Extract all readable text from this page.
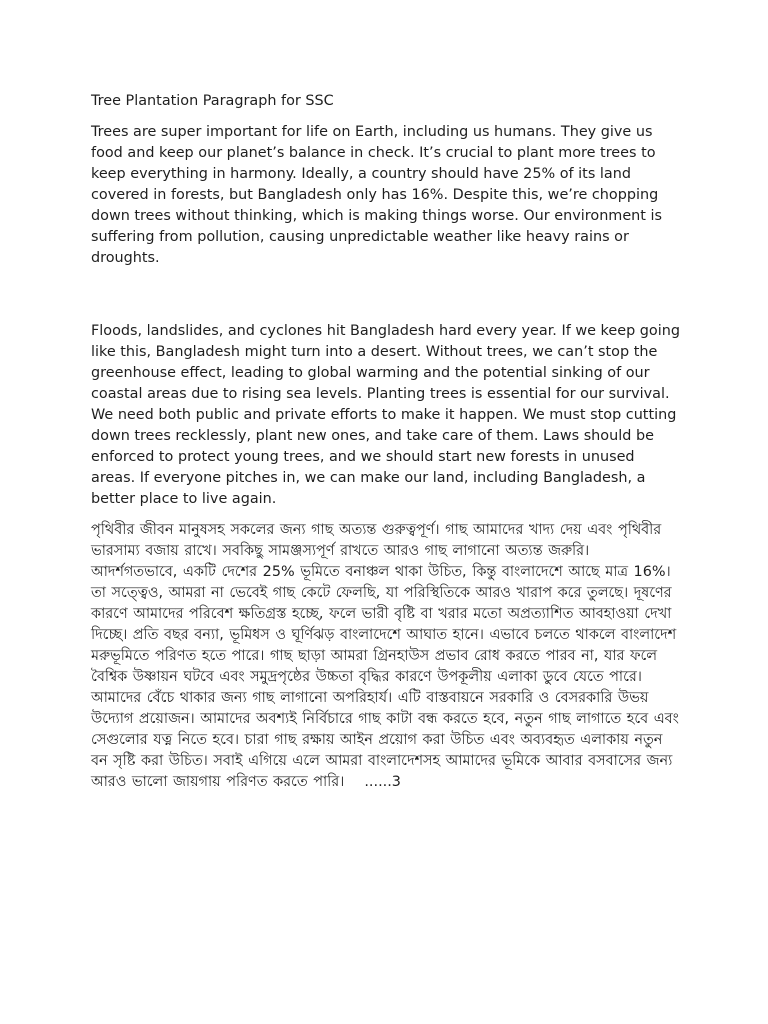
Tree Plantation Paragraph for SSC

Trees are super important for life on Earth, including us humans. They give us food and keep our planet’s balance in check. It’s crucial to plant more trees to keep everything in harmony. Ideally, a country should have 25% of its land covered in forests, but Bangladesh only has 16%. Despite this, we’re chopping down trees without thinking, which is making things worse. Our environment is suffering from pollution, causing unpredictable weather like heavy rains or droughts.

Floods, landslides, and cyclones hit Bangladesh hard every year. If we keep going like this, Bangladesh might turn into a desert. Without trees, we can’t stop the greenhouse effect, leading to global warming and the potential sinking of our coastal areas due to rising sea levels. Planting trees is essential for our survival. We need both public and private efforts to make it happen. We must stop cutting down trees recklessly, plant new ones, and take care of them. Laws should be enforced to protect young trees, and we should start new forests in unused areas. If everyone pitches in, we can make our land, including Bangladesh, a better place to live again.

পৃথিবীর জীবন মানুষসহ সকলের জন্য গাছ অত্যন্ত গুরুত্বপূর্ণ। গাছ আমাদের খাদ্য দেয় এবং পৃথিবীর ভারসাম্য বজায় রাখে। সবকিছু সামঞ্জস্যপূর্ণ রাখতে আরও গাছ লাগানো অত্যন্ত জরুরি। আদর্শগতভাবে, একটি দেশের 25% ভূমিতে বনাঞ্চল থাকা উচিত, কিন্তু বাংলাদেশে আছে মাত্র 16%। তা সত্ত্বেও, আমরা না ভেবেই গাছ কেটে ফেলছি, যা পরিস্থিতিকে আরও খারাপ করে তুলছে। দূষণের কারণে আমাদের পরিবেশ ক্ষতিগ্রস্ত হচ্ছে, ফলে ভারী বৃষ্টি বা খরার মতো অপ্রত্যাশিত আবহাওয়া দেখা দিচ্ছে। প্রতি বছর বন্যা, ভূমিধস ও ঘূর্ণিঝড় বাংলাদেশে আঘাত হানে। এভাবে চলতে থাকলে বাংলাদেশ মরুভূমিতে পরিণত হতে পারে। গাছ ছাড়া আমরা গ্রিনহাউস প্রভাব রোধ করতে পারব না, যার ফলে বৈশ্বিক উষ্ণায়ন ঘটবে এবং সমুদ্রপৃষ্ঠের উচ্চতা বৃদ্ধির কারণে উপকূলীয় এলাকা ডুবে যেতে পারে। আমাদের বেঁচে থাকার জন্য গাছ লাগানো অপরিহার্য। এটি বাস্তবায়নে সরকারি ও বেসরকারি উভয় উদ্যোগ প্রয়োজন। আমাদের অবশ্যই নির্বিচারে গাছ কাটা বন্ধ করতে হবে, নতুন গাছ লাগাতে হবে এবং সেগুলোর যত্ন নিতে হবে। চারা গাছ রক্ষায় আইন প্রয়োগ করা উচিত এবং অব্যবহৃত এলাকায় নতুন বন সৃষ্টি করা উচিত। সবাই এগিয়ে এলে আমরা বাংলাদেশসহ আমাদের ভূমিকে আবার বসবাসের জন্য আরও ভালো জায়গায় পরিণত করতে পারি। ......3
